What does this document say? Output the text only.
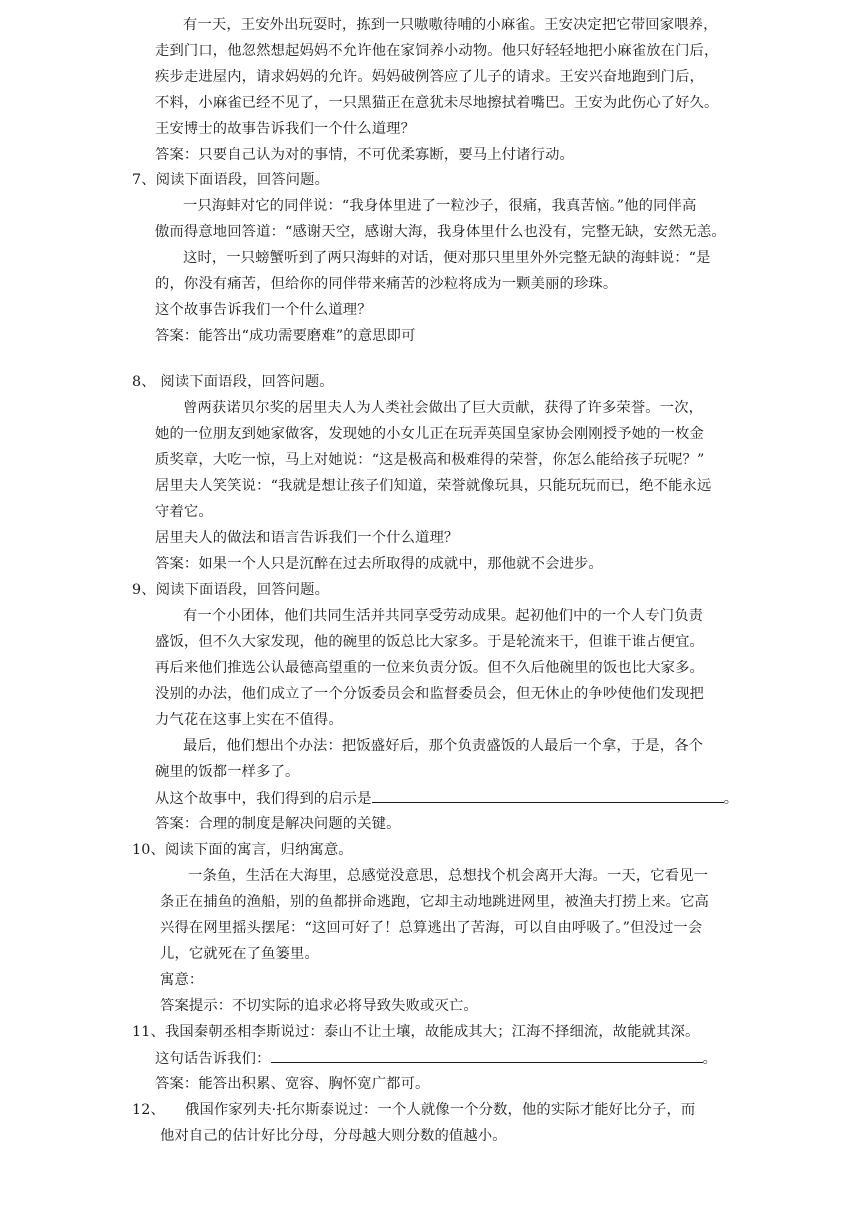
有一天，王安外出玩耍时，拣到一只嗷嗷待哺的小麻雀。王安决定把它带回家喂养，
走到门口，他忽然想起妈妈不允许他在家饲养小动物。他只好轻轻地把小麻雀放在门后，
疾步走进屋内，请求妈妈的允许。妈妈破例答应了儿子的请求。王安兴奋地跑到门后，
不料，小麻雀已经不见了，一只黑猫正在意犹未尽地擦拭着嘴巴。王安为此伤心了好久。
王安博士的故事告诉我们一个什么道理？
答案：只要自己认为对的事情，不可优柔寡断，要马上付诸行动。
7、阅读下面语段，回答问题。
一只海蚌对它的同伴说：“我身体里进了一粒沙子，很痛，我真苦恼。”他的同伴高
傲而得意地回答道：“感谢天空，感谢大海，我身体里什么也没有，完整无缺，安然无恙。
这时，一只螃蟹听到了两只海蚌的对话，便对那只里里外外完整无缺的海蚌说：“是
的，你没有痛苦，但给你的同伴带来痛苦的沙粒将成为一颗美丽的珍珠。
这个故事告诉我们一个什么道理？
答案：能答出“成功需要磨难”的意思即可
8、 阅读下面语段，回答问题。
曾两获诺贝尔奖的居里夫人为人类社会做出了巨大贡献，获得了许多荣誉。一次，
她的一位朋友到她家做客，发现她的小女儿正在玩弄英国皇家协会刚刚授予她的一枚金
质奖章，大吃一惊，马上对她说：“这是极高和极难得的荣誉，你怎么能给孩子玩呢？”
居里夫人笑笑说：“我就是想让孩子们知道，荣誉就像玩具，只能玩玩而已，绝不能永远
守着它。
居里夫人的做法和语言告诉我们一个什么道理？
答案：如果一个人只是沉醉在过去所取得的成就中，那他就不会进步。
9、阅读下面语段，回答问题。
有一个小团体，他们共同生活并共同享受劳动成果。起初他们中的一个人专门负责
盛饭，但不久大家发现，他的碗里的饭总比大家多。于是轮流来干，但谁干谁占便宜。
再后来他们推选公认最德高望重的一位来负责分饭。但不久后他碗里的饭也比大家多。
没别的办法，他们成立了一个分饭委员会和监督委员会，但无休止的争吵使他们发现把
力气花在这事上实在不值得。
最后，他们想出个办法：把饭盛好后，那个负责盛饭的人最后一个拿，于是，各个
碗里的饭都一样多了。
从这个故事中，我们得到的启示是	。
答案：合理的制度是解决问题的关键。
10、阅读下面的寓言，归纳寓意。
一条鱼，生活在大海里，总感觉没意思，总想找个机会离开大海。一天，它看见一
条正在捕鱼的渔船，别的鱼都拼命逃跑，它却主动地跳进网里，被渔夫打捞上来。它高
兴得在网里摇头摆尾：“这回可好了！总算逃出了苦海，可以自由呼吸了。”但没过一会
儿，它就死在了鱼篓里。
寓意：
答案提示：不切实际的追求必将导致失败或灭亡。
11、我国秦朝丞相李斯说过：泰山不让土壤，故能成其大；江海不择细流，故能就其深。
这句话告诉我们：	。
答案：能答出积累、宽容、胸怀宽广都可。
12、 俄国作家列夫·托尔斯泰说过：一个人就像一个分数，他的实际才能好比分子，而
他对自己的估计好比分母，分母越大则分数的值越小。
